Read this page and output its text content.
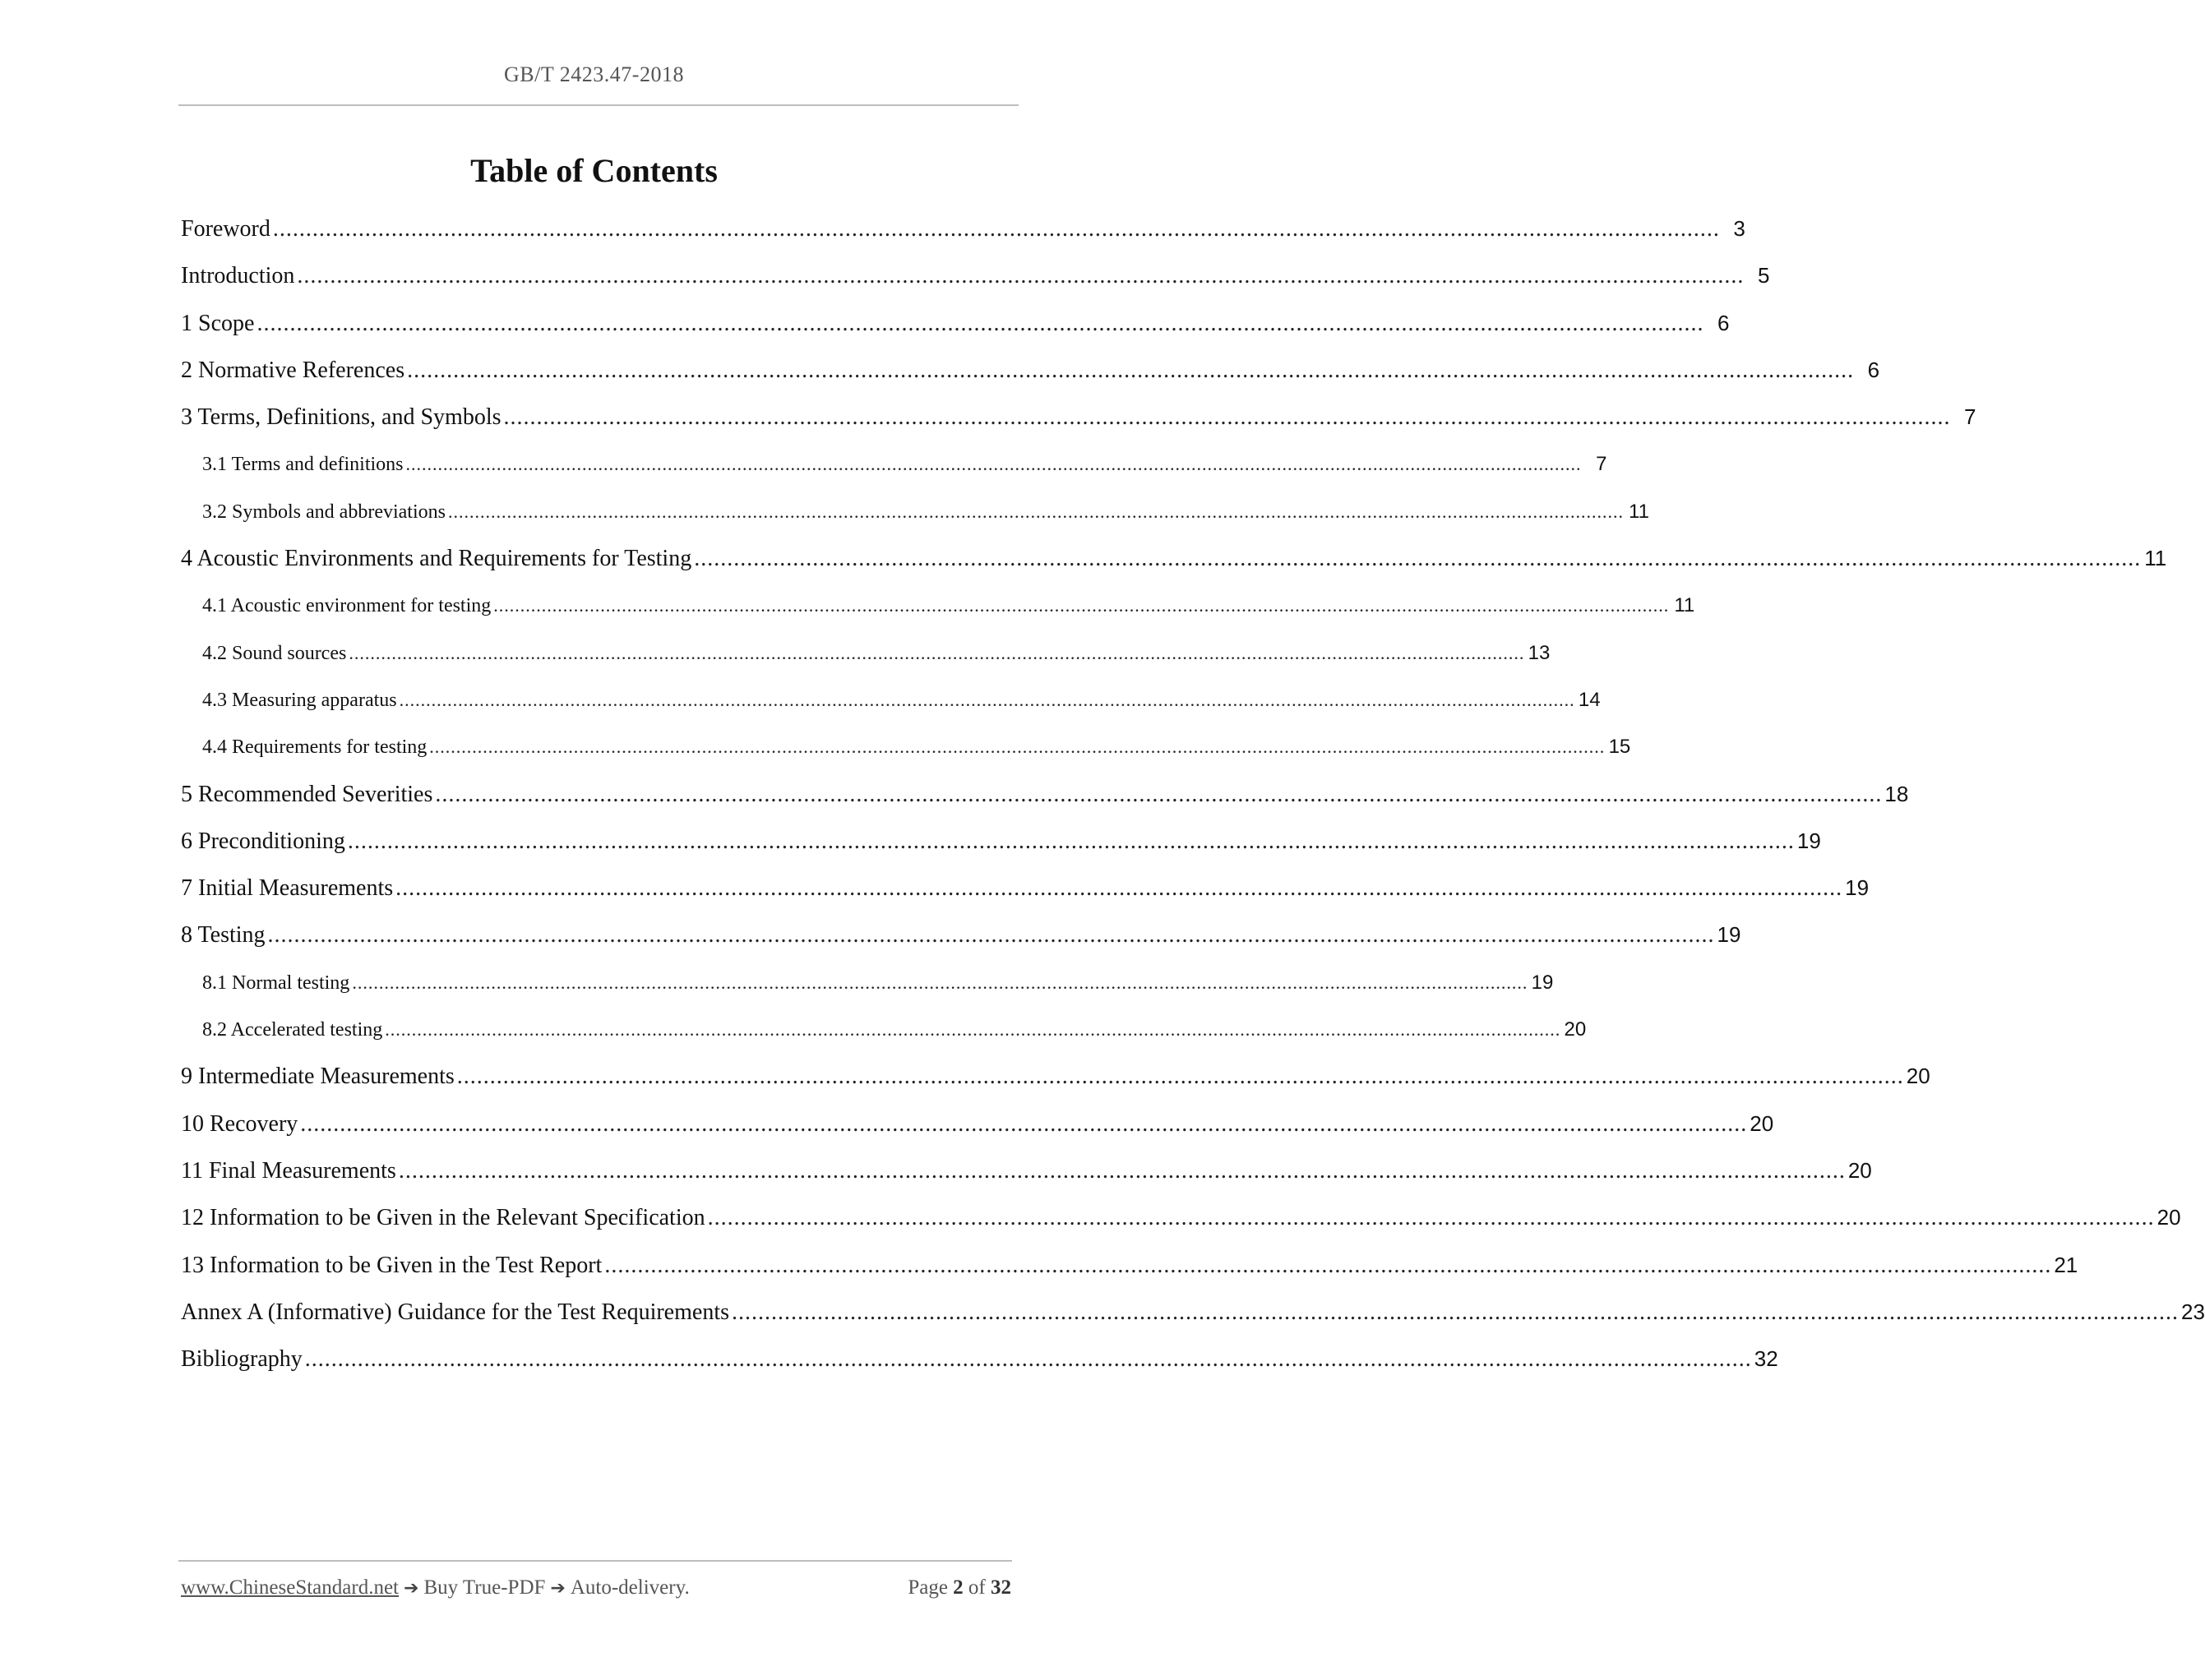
GB/T 2423.47-2018
Table of Contents
Foreword ............................................................................................................................................................................................................................ 3
Introduction ............................................................................................................................................................................................................................ 5
1 Scope ............................................................................................................................................................................................................................ 6
2 Normative References ............................................................................................................................................................................................................................ 6
3 Terms, Definitions, and Symbols ............................................................................................................................................................................................................................ 7
3.1 Terms and definitions ............................................................................................................................................................................................................................ 7
3.2 Symbols and abbreviations ............................................................................................................................................................................................................................ 11
4 Acoustic Environments and Requirements for Testing ............................................................................................................................................................................................................................ 11
4.1 Acoustic environment for testing ............................................................................................................................................................................................................................ 11
4.2 Sound sources ............................................................................................................................................................................................................................ 13
4.3 Measuring apparatus ............................................................................................................................................................................................................................ 14
4.4 Requirements for testing ............................................................................................................................................................................................................................ 15
5 Recommended Severities ............................................................................................................................................................................................................................ 18
6 Preconditioning ............................................................................................................................................................................................................................ 19
7 Initial Measurements ............................................................................................................................................................................................................................ 19
8 Testing ............................................................................................................................................................................................................................ 19
8.1 Normal testing ............................................................................................................................................................................................................................ 19
8.2 Accelerated testing ............................................................................................................................................................................................................................ 20
9 Intermediate Measurements ............................................................................................................................................................................................................................ 20
10 Recovery ............................................................................................................................................................................................................................ 20
11 Final Measurements ............................................................................................................................................................................................................................ 20
12 Information to be Given in the Relevant Specification ............................................................................................................................................................................................................................ 20
13 Information to be Given in the Test Report ............................................................................................................................................................................................................................ 21
Annex A (Informative) Guidance for the Test Requirements ............................................................................................................................................................................................................................ 23
Bibliography ............................................................................................................................................................................................................................ 32
www.ChineseStandard.net ➔ Buy True-PDF ➔ Auto-delivery.	Page 2 of 32
